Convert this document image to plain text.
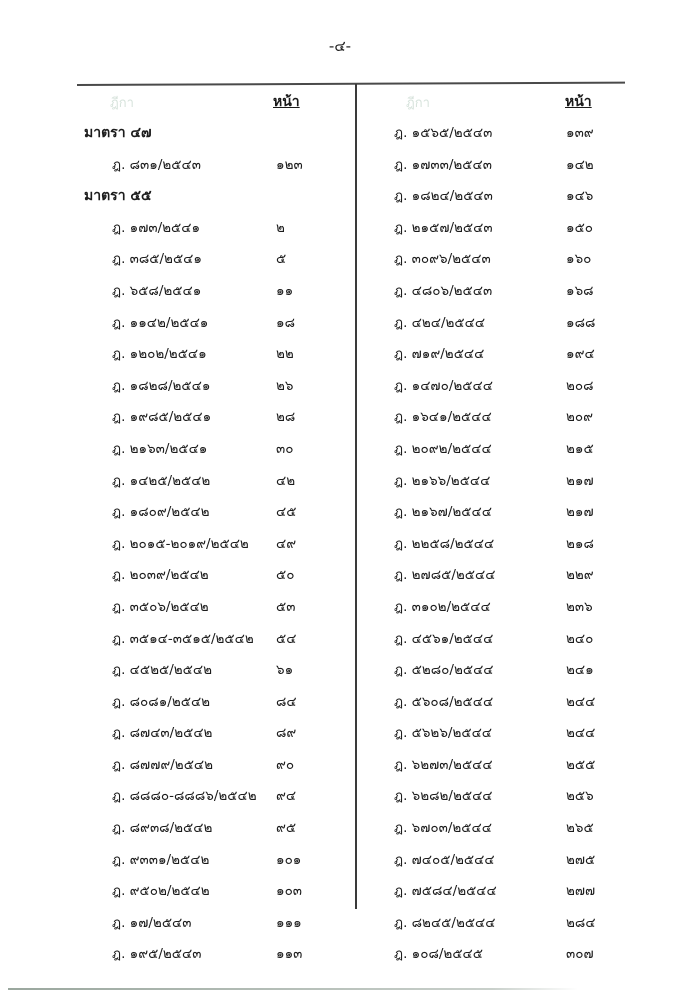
-๔-
ฎีกา	หน้า
มาตรา ๔๗
ฎ. ๘๓๑/๒๕๔๓	๑๒๓
มาตรา ๕๕
ฎ. ๑๗๓/๒๕๔๑	๒
ฎ. ๓๘๕/๒๕๔๑	๕
ฎ. ๖๕๘/๒๕๔๑	๑๑
ฎ. ๑๑๔๒/๒๕๔๑	๑๘
ฎ. ๑๒๐๒/๒๕๔๑	๒๒
ฎ. ๑๘๒๘/๒๕๔๑	๒๖
ฎ. ๑๙๘๕/๒๕๔๑	๒๘
ฎ. ๒๑๖๓/๒๕๔๑	๓๐
ฎ. ๑๔๒๕/๒๕๔๒	๔๒
ฎ. ๑๘๐๙/๒๕๔๒	๔๕
ฎ. ๒๐๑๕-๒๐๑๙/๒๕๔๒ ๔๙
ฎ. ๒๐๓๙/๒๕๔๒	๕๐
ฎ. ๓๕๐๖/๒๕๔๒	๕๓
ฎ. ๓๕๑๔-๓๕๑๕/๒๕๔๒ ๕๔
ฎ. ๔๕๒๕/๒๕๔๒	๖๑
ฎ. ๘๐๘๑/๒๕๔๒	๘๔
ฎ. ๘๗๔๓/๒๕๔๒	๘๙
ฎ. ๘๗๗๙/๒๕๔๒	๙๐
ฎ. ๘๘๘๐-๘๘๘๖/๒๕๔๒ ๙๔
ฎ. ๘๙๓๘/๒๕๔๒	๙๕
ฎ. ๙๓๓๑/๒๕๔๒	๑๐๑
ฎ. ๙๕๐๒/๒๕๔๒	๑๐๓
ฎ. ๑๗/๒๕๔๓	๑๑๑
ฎ. ๑๙๕/๒๕๔๓	๑๑๓
ฎีกา	หน้า
ฎ. ๑๕๖๕/๒๕๔๓	๑๓๙
ฎ. ๑๗๓๓/๒๕๔๓	๑๔๒
ฎ. ๑๘๒๔/๒๕๔๓	๑๔๖
ฎ. ๒๑๕๗/๒๕๔๓	๑๕๐
ฎ. ๓๐๙๖/๒๕๔๓	๑๖๐
ฎ. ๔๘๐๖/๒๕๔๓	๑๖๘
ฎ. ๔๒๔/๒๕๔๔	๑๘๘
ฎ. ๗๑๙/๒๕๔๔	๑๙๔
ฎ. ๑๔๗๐/๒๕๔๔	๒๐๘
ฎ. ๑๖๔๑/๒๕๔๔	๒๐๙
ฎ. ๒๐๙๒/๒๕๔๔	๒๑๕
ฎ. ๒๑๖๖/๒๕๔๔	๒๑๗
ฎ. ๒๑๖๗/๒๕๔๔	๒๑๗
ฎ. ๒๒๕๘/๒๕๔๔	๒๑๘
ฎ. ๒๗๘๕/๒๕๔๔	๒๒๙
ฎ. ๓๑๐๒/๒๕๔๔	๒๓๖
ฎ. ๔๕๖๑/๒๕๔๔	๒๔๐
ฎ. ๕๒๘๐/๒๕๔๔	๒๔๑
ฎ. ๕๖๐๘/๒๕๔๔	๒๔๔
ฎ. ๕๖๒๖/๒๕๔๔	๒๔๔
ฎ. ๖๒๗๓/๒๕๔๔	๒๕๕
ฎ. ๖๒๘๒/๒๕๔๔	๒๕๖
ฎ. ๖๗๐๓/๒๕๔๔	๒๖๕
ฎ. ๗๔๐๕/๒๕๔๔	๒๗๕
ฎ. ๗๕๘๔/๒๕๔๔	๒๗๗
ฎ. ๘๒๔๕/๒๕๔๔	๒๘๔
ฎ. ๑๐๘/๒๕๔๕	๓๐๗
